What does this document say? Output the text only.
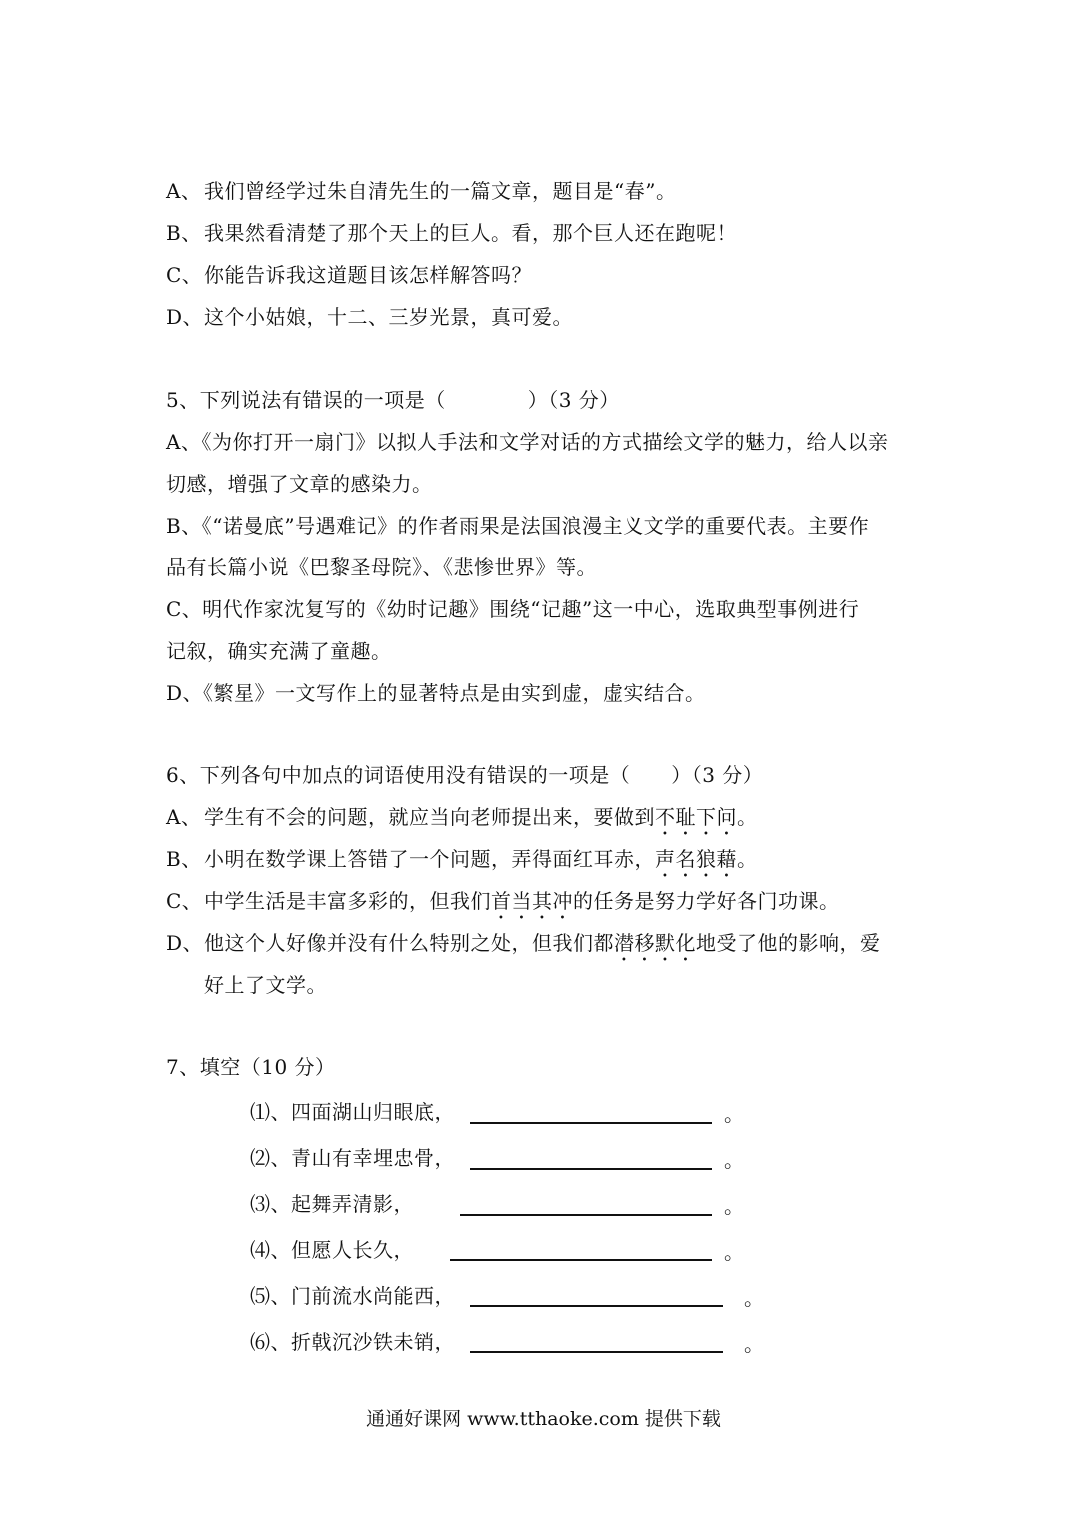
A、 我们曾经学过朱自清先生的一篇文章，题目是“春”。
B、 我果然看清楚了那个天上的巨人。看，那个巨人还在跑呢！
C、你能告诉我这道题目该怎样解答吗？
D、这个小姑娘，十二、三岁光景，真可爱。
5、下列说法有错误的一项是（　　　　）（3 分）
A、《为你打开一扇门》以拟人手法和文学对话的方式描绘文学的魅力，给人以亲
切感，增强了文章的感染力。
B、《“诺曼底”号遇难记》的作者雨果是法国浪漫主义文学的重要代表。主要作
品有长篇小说《巴黎圣母院》、《悲惨世界》等。
C、明代作家沈复写的《幼时记趣》围绕“记趣”这一中心，选取典型事例进行
记叙，确实充满了童趣。
D、《繁星》一文写作上的显著特点是由实到虚，虚实结合。
6、下列各句中加点的词语使用没有错误的一项是（　　）（3 分）
A、 学生有不会的问题，就应当向老师提出来，要做到不耻下问。
B、 小明在数学课上答错了一个问题，弄得面红耳赤，声名狼藉。
C、中学生活是丰富多彩的，但我们首当其冲的任务是努力学好各门功课。
D、他这个人好像并没有什么特别之处，但我们都潜移默化地受了他的影响，爱
好上了文学。
7、填空（10 分）
⑴、四面湖山归眼底，	。
⑵、青山有幸埋忠骨，	。
⑶、起舞弄清影，	。
⑷、但愿人长久，	。
⑸、门前流水尚能西，	。
⑹、折戟沉沙铁未销，	。
通通好课网 www.tthaoke.com 提供下载
